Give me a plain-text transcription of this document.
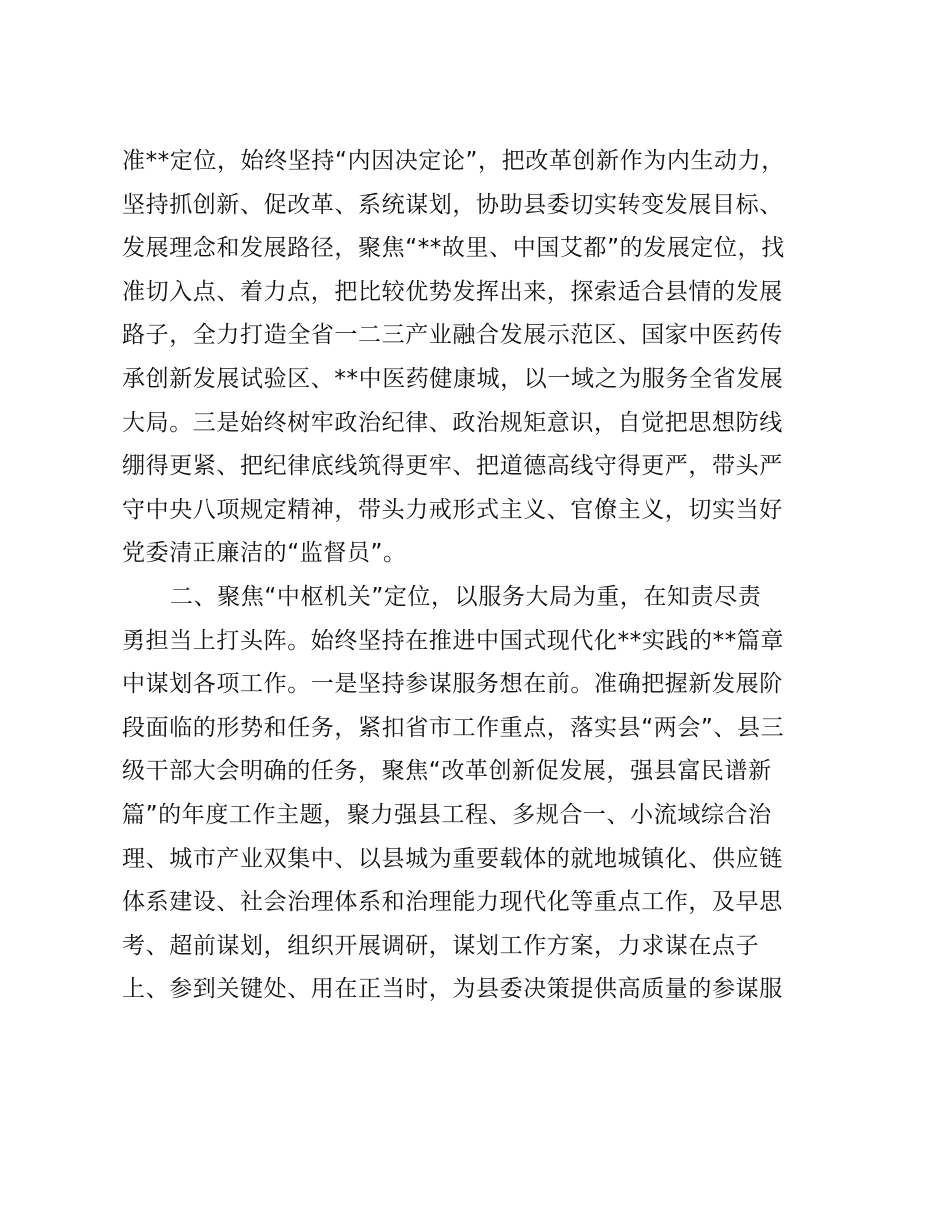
准**定位，始终坚持“内因决定论”，把改革创新作为内生动力，
坚持抓创新、促改革、系统谋划，协助县委切实转变发展目标、
发展理念和发展路径，聚焦“**故里、中国艾都”的发展定位，找
准切入点、着力点，把比较优势发挥出来，探索适合县情的发展
路子，全力打造全省一二三产业融合发展示范区、国家中医药传
承创新发展试验区、**中医药健康城，以一域之为服务全省发展
大局。三是始终树牢政治纪律、政治规矩意识，自觉把思想防线
绷得更紧、把纪律底线筑得更牢、把道德高线守得更严，带头严
守中央八项规定精神，带头力戒形式主义、官僚主义，切实当好
党委清正廉洁的“监督员”。
二、聚焦“中枢机关”定位，以服务大局为重，在知责尽责
勇担当上打头阵。始终坚持在推进中国式现代化**实践的**篇章
中谋划各项工作。一是坚持参谋服务想在前。准确把握新发展阶
段面临的形势和任务，紧扣省市工作重点，落实县“两会”、县三
级干部大会明确的任务，聚焦“改革创新促发展，强县富民谱新
篇”的年度工作主题，聚力强县工程、多规合一、小流域综合治
理、城市产业双集中、以县城为重要载体的就地城镇化、供应链
体系建设、社会治理体系和治理能力现代化等重点工作，及早思
考、超前谋划，组织开展调研，谋划工作方案，力求谋在点子
上、参到关键处、用在正当时，为县委决策提供高质量的参谋服
